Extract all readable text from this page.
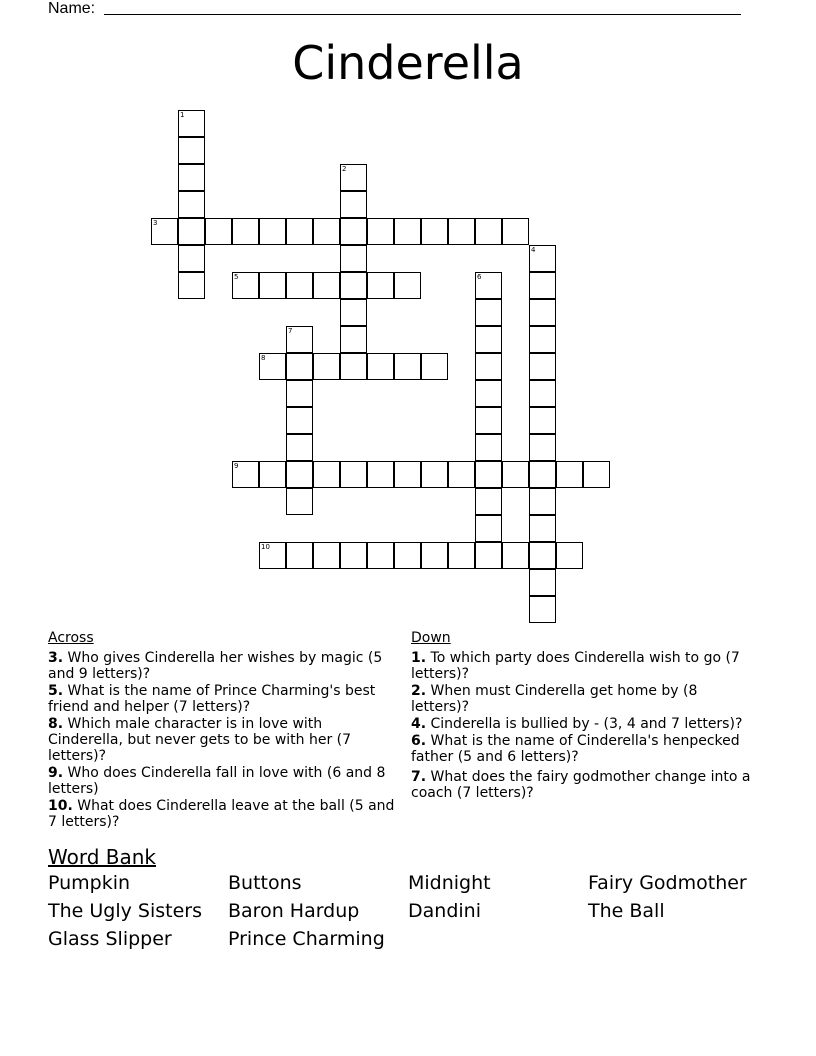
Name:
Cinderella
1
2
3
4
5	6
7
8
9
10
Across
3. Who gives Cinderella her wishes by magic (5 and 9 letters)?
5. What is the name of Prince Charming's best friend and helper (7 letters)?
8. Which male character is in love with Cinderella, but never gets to be with her (7 letters)?
9. Who does Cinderella fall in love with (6 and 8 letters)
10. What does Cinderella leave at the ball (5 and 7 letters)?
Down
1. To which party does Cinderella wish to go (7 letters)?
2. When must Cinderella get home by (8 letters)?
4. Cinderella is bullied by - (3, 4 and 7 letters)?
6. What is the name of Cinderella's henpecked father (5 and 6 letters)?
7. What does the fairy godmother change into a coach (7 letters)?
Word Bank
Pumpkin	Buttons	Midnight	Fairy Godmother
The Ugly Sisters	Baron Hardup	Dandini	The Ball
Glass Slipper	Prince Charming
